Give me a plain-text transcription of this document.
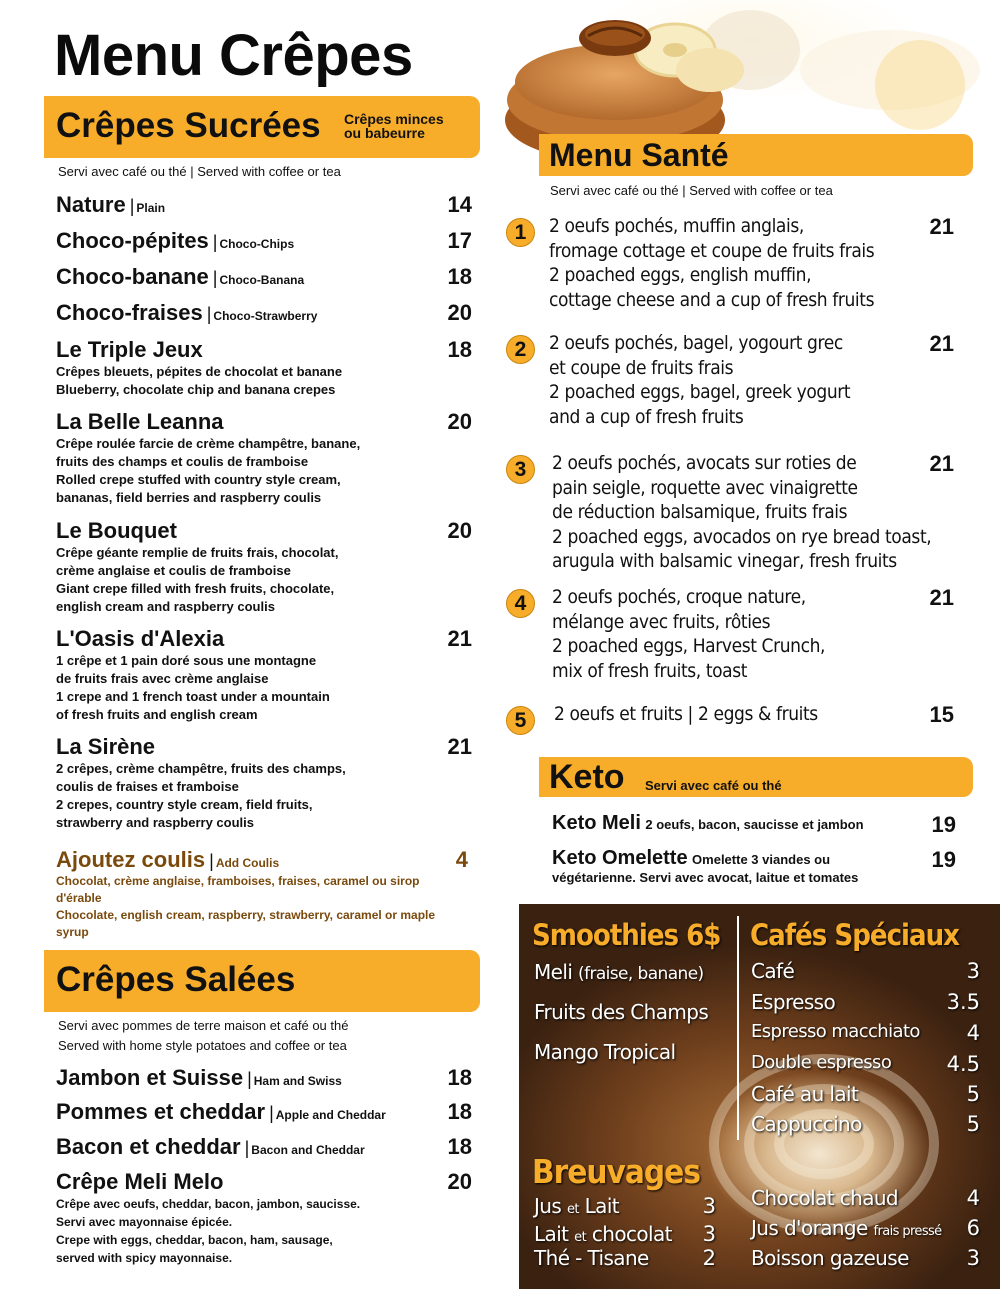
Menu Crêpes
Crêpes Sucrées Crêpes minces
ou babeurre
Servi avec café ou thé | Served with coffee or tea
Nature | Plain	14
Choco-pépites | Choco-Chips	17
Choco-banane | Choco-Banana	18
Choco-fraises | Choco-Strawberry	20
Le Triple Jeux	18
Crêpes bleuets, pépites de chocolat et banane
Blueberry, chocolate chip and banana crepes
La Belle Leanna	20
Crêpe roulée farcie de crème champêtre, banane,
fruits des champs et coulis de framboise
Rolled crepe stuffed with country style cream,
bananas, field berries and raspberry coulis
Le Bouquet	20
Crêpe géante remplie de fruits frais, chocolat,
crème anglaise et coulis de framboise
Giant crepe filled with fresh fruits, chocolate,
english cream and raspberry coulis
L'Oasis d'Alexia	21
1 crêpe et 1 pain doré sous une montagne
de fruits frais avec crème anglaise
1 crepe and 1 french toast under a mountain
of fresh fruits and english cream
La Sirène	21
2 crêpes, crème champêtre, fruits des champs,
coulis de fraises et framboise
2 crepes, country style cream, field fruits,
strawberry and raspberry coulis
Ajoutez coulis | Add Coulis	4
Chocolat, crème anglaise, framboises, fraises, caramel ou sirop d'érable
Chocolate, english cream, raspberry, strawberry, caramel or maple syrup
Crêpes Salées
Servi avec pommes de terre maison et café ou thé
Served with home style potatoes and coffee or tea
Jambon et Suisse | Ham and Swiss	18
Pommes et cheddar | Apple and Cheddar	18
Bacon et cheddar | Bacon and Cheddar	18
Crêpe Meli Melo	20
Crêpe avec oeufs, cheddar, bacon, jambon, saucisse.
Servi avec mayonnaise épicée.
Crepe with eggs, cheddar, bacon, ham, sausage,
served with spicy mayonnaise.
Menu Santé
Servi avec café ou thé | Served with coffee or tea
1	2 oeufs pochés, muffin anglais,
fromage cottage et coupe de fruits frais
2 poached eggs, english muffin,
cottage cheese and a cup of fresh fruits
21
2	2 oeufs pochés, bagel, yogourt grec
et coupe de fruits frais
2 poached eggs, bagel, greek yogurt
and a cup of fresh fruits
21
3	2 oeufs pochés, avocats sur roties de
pain seigle, roquette avec vinaigrette
de réduction balsamique, fruits frais
2 poached eggs, avocados on rye bread toast,
arugula with balsamic vinegar, fresh fruits
21
4	2 oeufs pochés, croque nature,
mélange avec fruits, rôties
2 poached eggs, Harvest Crunch,
mix of fresh fruits, toast
21
5	2 oeufs et fruits | 2 eggs & fruits	15
Keto Servi avec café ou thé
Keto Meli 2 oeufs, bacon, saucisse et jambon	19
Keto Omelette Omelette 3 viandes ou
végétarienne. Servi avec avocat, laitue et tomates
19
Smoothies 6$
Meli (fraise, banane)
Fruits des Champs
Mango Tropical
Cafés Spéciaux
Café	3
Espresso	3.5
Espresso macchiato 4
Double espresso	4.5
Café au lait	5
Cappuccino	5
Breuvages
Jus et Lait	3
Lait et chocolat	3
Thé - Tisane	2
Chocolat chaud	4
Jus d'orange frais pressé 6
Boisson gazeuse	3
